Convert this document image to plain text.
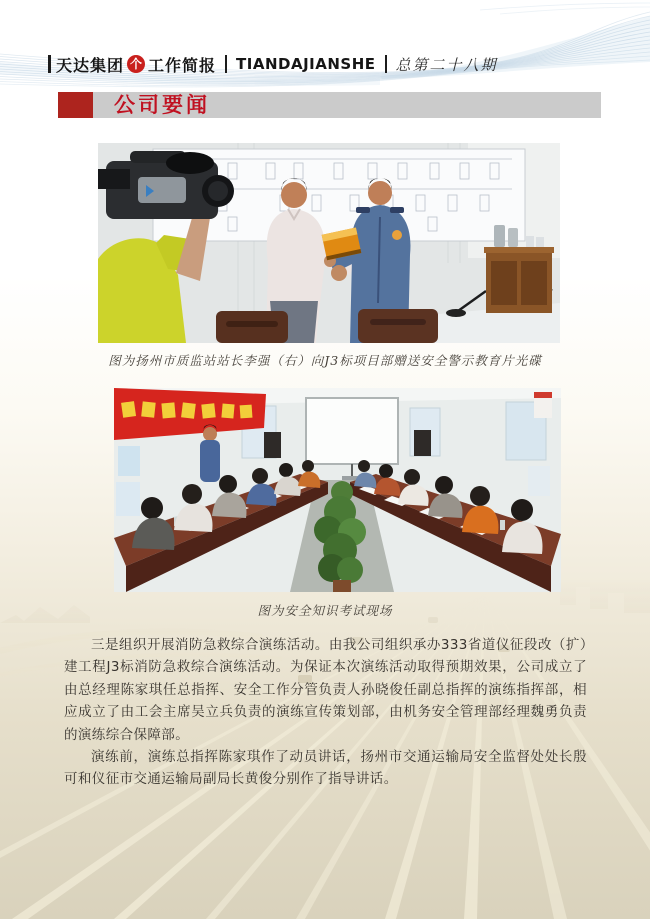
天达集团 个 工作简报 TIANDAJIANSHE 总第二十八期
公司要闻
图为扬州市质监站站长李强（右）向J3标项目部赠送安全警示教育片光碟
图为安全知识考试现场

三是组织开展消防急救综合演练活动。由我公司组织承办333省道仪征段改（扩）建工程J3标消防急救综合演练活动。为保证本次演练活动取得预期效果，公司成立了由总经理陈家琪任总指挥、安全工作分管负责人孙晓俊任副总指挥的演练指挥部，相应成立了由工会主席吴立兵负责的演练宣传策划部，由机务安全管理部经理魏勇负责的演练综合保障部。

演练前，演练总指挥陈家琪作了动员讲话，扬州市交通运输局安全监督处处长殷可和仪征市交通运输局副局长黄俊分别作了指导讲话。
